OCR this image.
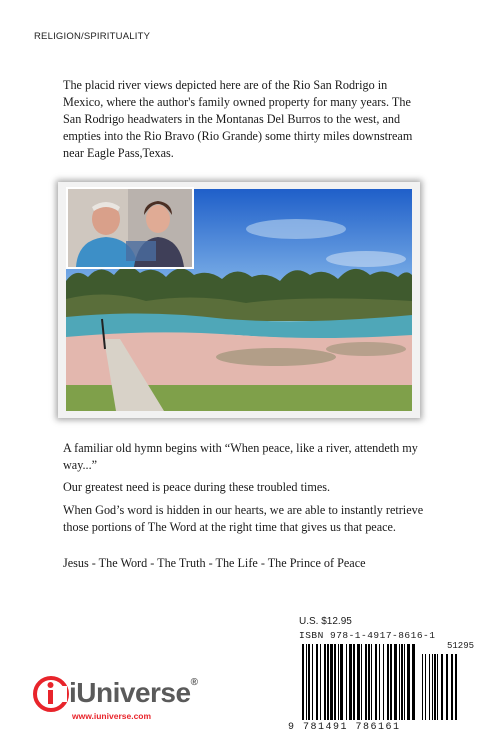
RELIGION/SPIRITUALITY

The placid river views depicted here are of the Rio San Rodrigo in Mexico, where the author's family owned property for many years. The San Rodrigo headwaters in the Montanas Del Burros to the west, and empties into the Rio Bravo (Rio Grande) some thirty miles downstream near Eagle Pass,Texas.

A familiar old hymn begins with “When peace, like a river, attendeth my way...”

Our greatest need is peace during these troubled times.

When God’s word is hidden in our hearts, we are able to instantly retrieve those portions of The Word at the right time that gives us that peace.

Jesus - The Word - The Truth - The Life - The Prince of Peace

U.S. $12.95
ISBN 978-1-4917-8616-1
51295
9 781491 786161
iUniverse®
www.iuniverse.com
